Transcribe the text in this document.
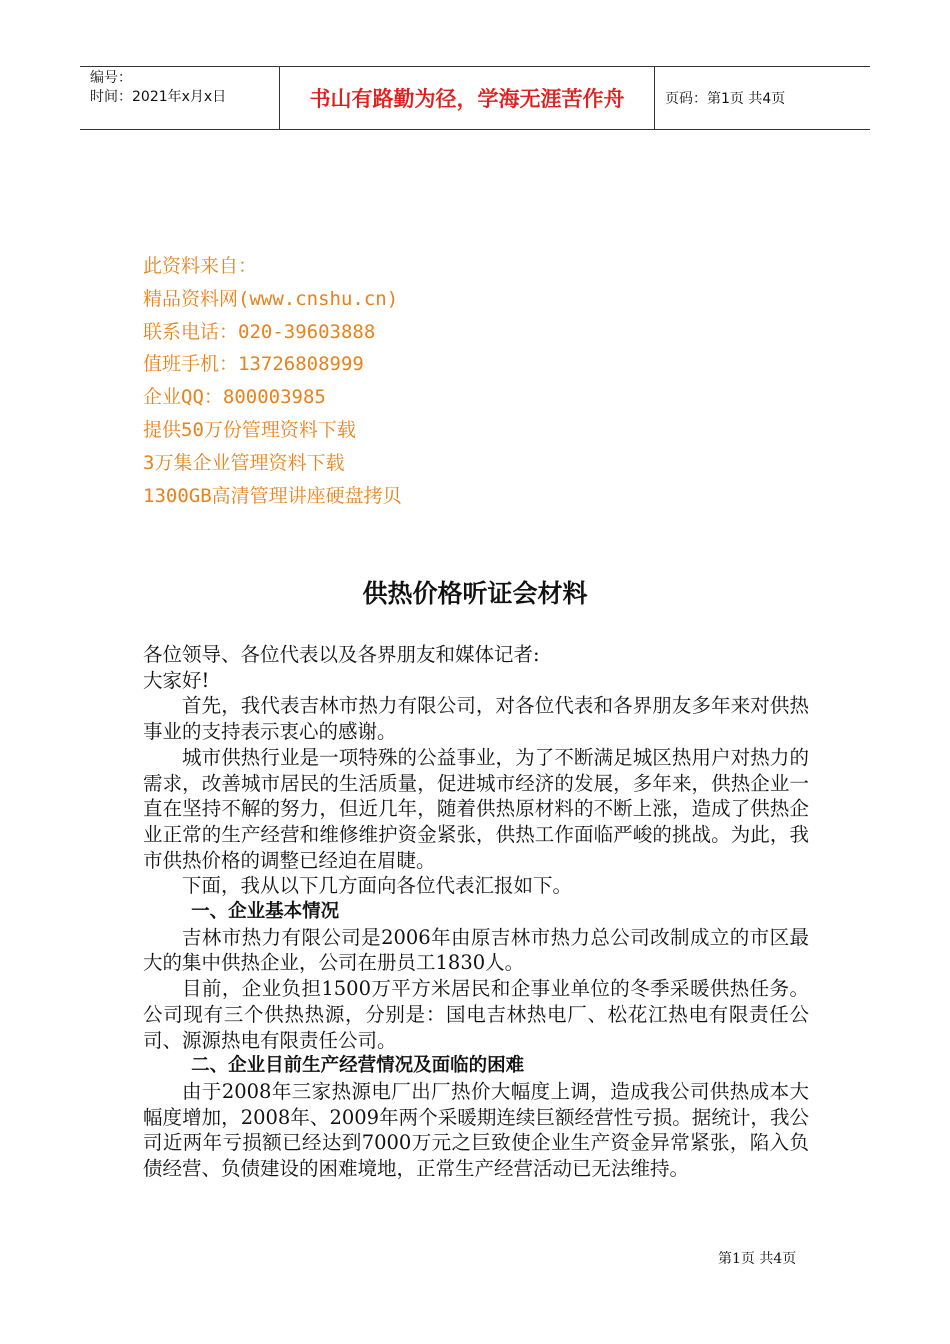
编号：
时间：2021年x月x日	书山有路勤为径，学海无涯苦作舟	页码：第1页 共4页
此资料来自：
精品资料网(www.cnshu.cn)
联系电话：020-39603888
值班手机：13726808999
企业QQ：800003985
提供50万份管理资料下载
3万集企业管理资料下载
1300GB高清管理讲座硬盘拷贝
供热价格听证会材料

各位领导、各位代表以及各界朋友和媒体记者:

大家好!

首先，我代表吉林市热力有限公司，对各位代表和各界朋友多年来对供热事业的支持表示衷心的感谢。

城市供热行业是一项特殊的公益事业，为了不断满足城区热用户对热力的需求，改善城市居民的生活质量，促进城市经济的发展，多年来，供热企业一直在坚持不解的努力，但近几年，随着供热原材料的不断上涨，造成了供热企业正常的生产经营和维修维护资金紧张，供热工作面临严峻的挑战。为此，我市供热价格的调整已经迫在眉睫。

下面，我从以下几方面向各位代表汇报如下。

一、企业基本情况

吉林市热力有限公司是2006年由原吉林市热力总公司改制成立的市区最大的集中供热企业，公司在册员工1830人。

目前，企业负担1500万平方米居民和企事业单位的冬季采暖供热任务。公司现有三个供热热源，分别是：国电吉林热电厂、松花江热电有限责任公司、源源热电有限责任公司。

二、企业目前生产经营情况及面临的困难

由于2008年三家热源电厂出厂热价大幅度上调，造成我公司供热成本大幅度增加，2008年、2009年两个采暖期连续巨额经营性亏损。据统计，我公司近两年亏损额已经达到7000万元之巨致使企业生产资金异常紧张，陷入负债经营、负债建设的困难境地，正常生产经营活动已无法维持。

第1页 共4页
